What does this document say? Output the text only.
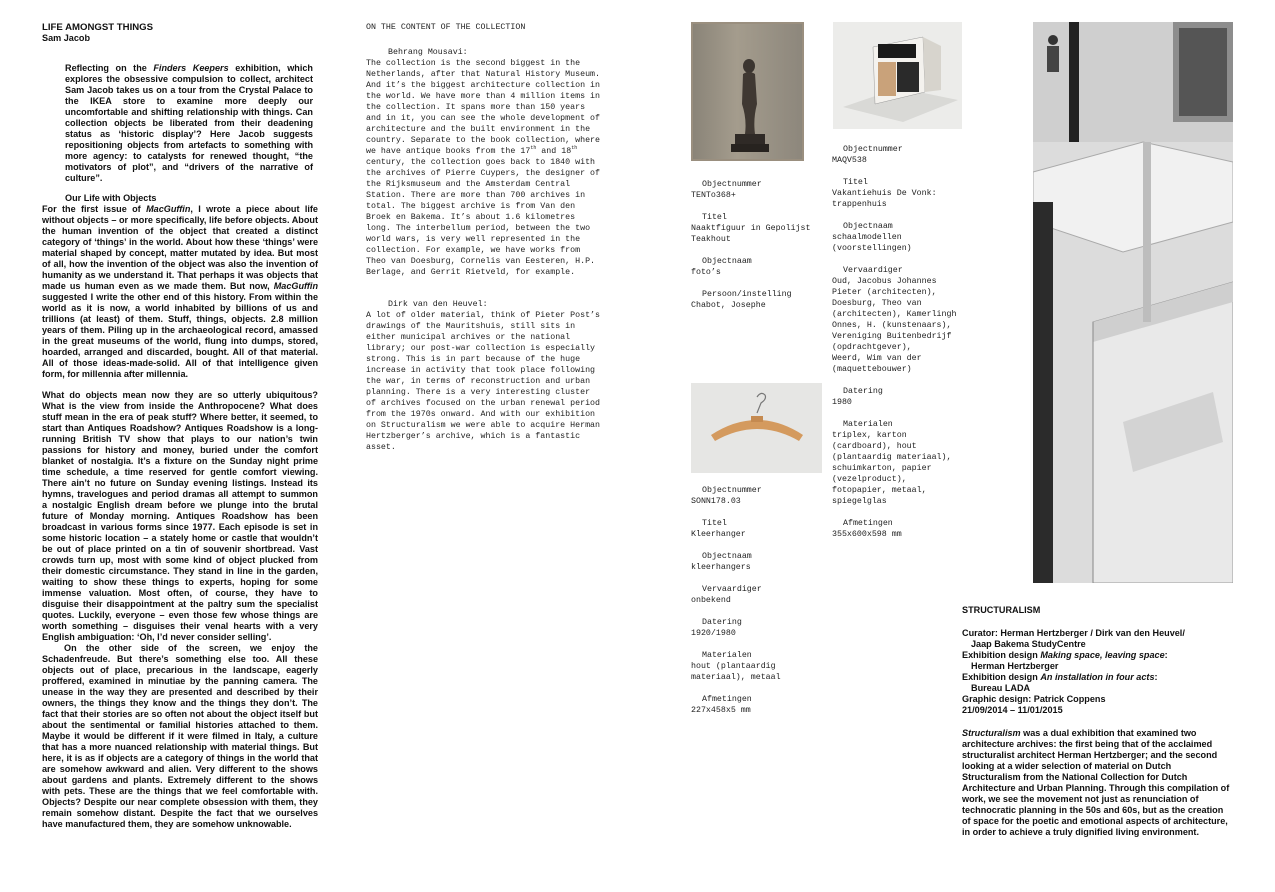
LIFE AMONGST THINGS
Sam Jacob

Reflecting on the Finders Keepers exhibition, which explores the obsessive compulsion to collect, architect Sam Jacob takes us on a tour from the Crystal Palace to the IKEA store to examine more deeply our uncomfortable and shifting relationship with things. Can collection objects be liberated from their deadening status as ‘historic display’? Here Jacob suggests repositioning objects from artefacts to something with more agency: to catalysts for renewed thought, “the motivators of plot”, and “drivers of the narrative of culture”.

Our Life with Objects

For the first issue of MacGuffin, I wrote a piece about life without objects – or more specifically, life before objects. About the human invention of the object that created a distinct category of ‘things’ in the world. About how these ‘things’ were material shaped by concept, matter mutated by idea. But most of all, how the invention of the object was also the invention of humanity as we understand it. That perhaps it was objects that made us human even as we made them. But now, MacGuffin suggested I write the other end of this history. From within the world as it is now, a world inhabited by billions of us and trillions (at least) of them. Stuff, things, objects. 2.8 million years of them. Piling up in the archaeological record, amassed in the great museums of the world, flung into dumps, stored, hoarded, arranged and discarded, bought. All of that material. All of those ideas-made-solid. All of that intelligence given form, for millennia after millennia.

What do objects mean now they are so utterly ubiquitous? What is the view from inside the Anthropocene? What does stuff mean in the era of peak stuff? Where better, it seemed, to start than Antiques Roadshow? Antiques Roadshow is a long-running British TV show that plays to our nation’s twin passions for history and money, buried under the comfort blanket of nostalgia. It’s a fixture on the Sunday night prime time schedule, a time reserved for gentle comfort viewing. There ain’t no future on Sunday evening listings. Instead its hymns, travelogues and period dramas all attempt to summon a nostalgic English dream before we plunge into the brutal future of Monday morning. Antiques Roadshow has been broadcast in various forms since 1977. Each episode is set in some historic location – a stately home or castle that wouldn’t be out of place printed on a tin of souvenir shortbread. Vast crowds turn up, most with some kind of object plucked from their domestic circumstance. They stand in line in the garden, waiting to show these things to experts, hoping for some immense valuation. Most often, of course, they have to disguise their disappointment at the paltry sum the specialist quotes. Luckily, everyone – even those few whose things are worth something – disguises their venal hearts with a very English ambiguation: ‘Oh, I’d never consider selling’.

On the other side of the screen, we enjoy the Schadenfreude. But there’s something else too. All these objects out of place, precarious in the landscape, eagerly proffered, examined in minutiae by the panning camera. The unease in the way they are presented and described by their owners, the things they know and the things they don’t. The fact that their stories are so often not about the object itself but about the sentimental or familial histories attached to them. Maybe it would be different if it were filmed in Italy, a culture that has a more nuanced relationship with material things. But here, it is as if objects are a category of things in the world that are somehow awkward and alien. Very different to the shows about gardens and plants. Extremely different to the shows with pets. These are the things that we feel comfortable with. Objects? Despite our near complete obsession with them, they remain somehow distant. Despite the fact that we ourselves have manufactured them, they are somehow unknowable.

ON THE CONTENT OF THE COLLECTION

Behrang Mousavi:

The collection is the second biggest in the Netherlands, after that Natural History Museum. And it’s the biggest architecture collection in the world. We have more than 4 million items in the collection. It spans more than 150 years and in it, you can see the whole development of architecture and the built environment in the country. Separate to the book collection, where we have antique books from the 17th and 18th century, the collection goes back to 1840 with the archives of Pierre Cuypers, the designer of the Rijksmuseum and the Amsterdam Central Station. There are more than 700 archives in total. The biggest archive is from Van den Broek en Bakema. It’s about 1.6 kilometres long. The interbellum period, between the two world wars, is very well represented in the collection. For example, we have works from Theo van Doesburg, Cornelis van Eesteren, H.P. Berlage, and Gerrit Rietveld, for example.

Dirk van den Heuvel:

A lot of older material, think of Pieter Post’s drawings of the Mauritshuis, still sits in either municipal archives or the national library; our post-war collection is especially strong. This is in part because of the huge increase in activity that took place following the war, in terms of reconstruction and urban planning. There is a very interesting cluster of archives focused on the urban renewal period from the 1970s onward. And with our exhibition on Structuralism we were able to acquire Herman Hertzberger’s archive, which is a fantastic asset.

Objectnummer
TENTo368+
Titel
Naaktfiguur in Gepolijst
Teakhout
Objectnaam
foto’s
Persoon/instelling
Chabot, Josephe
Objectnummer
SONN178.03
Titel
Kleerhanger
Objectnaam
kleerhangers
Vervaardiger
onbekend
Datering
1920/1980
Materialen
hout (plantaardig
materiaal), metaal
Afmetingen
227x458x5 mm
Objectnummer
MAQV538
Titel
Vakantiehuis De Vonk:
trappenhuis
Objectnaam
schaalmodellen
(voorstellingen)
Vervaardiger
Oud, Jacobus Johannes
Pieter (architecten),
Doesburg, Theo van
(architecten), Kamerlingh
Onnes, H. (kunstenaars),
Vereniging Buitenbedrijf
(opdrachtgever),
Weerd, Wim van der
(maquettebouwer)
Datering
1980
Materialen
triplex, karton
(cardboard), hout
(plantaardig materiaal),
schuimkarton, papier
(vezelproduct),
fotopapier, metaal,
spiegelglas
Afmetingen
355x600x598 mm

STRUCTURALISM

Curator: Herman Hertzberger / Dirk van den Heuvel/

Jaap Bakema StudyCentre

Exhibition design Making space, leaving space:

Herman Hertzberger

Exhibition design An installation in four acts:

Bureau LADA

Graphic design: Patrick Coppens

21/09/2014 – 11/01/2015

Structuralism was a dual exhibition that examined two architecture archives: the first being that of the acclaimed structuralist architect Herman Hertzberger; and the second looking at a wider selection of material on Dutch Structuralism from the National Collection for Dutch Architecture and Urban Planning. Through this compilation of work, we see the movement not just as renunciation of technocratic planning in the 50s and 60s, but as the creation of space for the poetic and emotional aspects of architecture, in order to achieve a truly dignified living environment.
